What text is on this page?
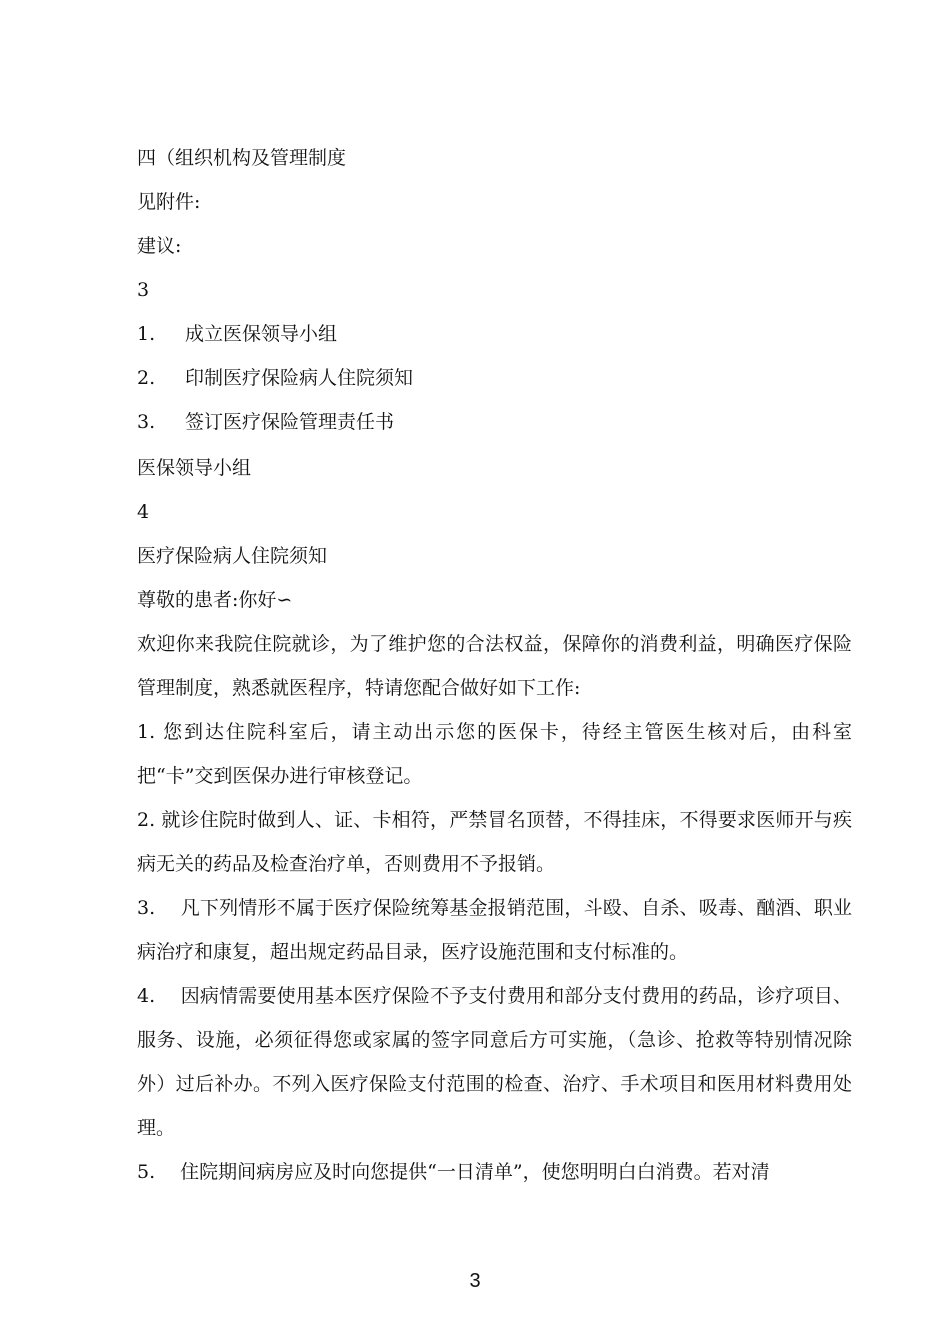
四（组织机构及管理制度
见附件:
建议:
3
1. 成立医保领导小组
2. 印制医疗保险病人住院须知
3. 签订医疗保险管理责任书
医保领导小组
4
医疗保险病人住院须知
尊敬的患者:你好∽
欢迎你来我院住院就诊，为了维护您的合法权益，保障你的消费利益，明确医疗保险管理制度，熟悉就医程序，特请您配合做好如下工作:
1. 您到达住院科室后，请主动出示您的医保卡，待经主管医生核对后，由科室把“卡”交到医保办进行审核登记。
2. 就诊住院时做到人、证、卡相符，严禁冒名顶替，不得挂床，不得要求医师开与疾病无关的药品及检查治疗单，否则费用不予报销。
3.　 凡下列情形不属于医疗保险统筹基金报销范围，斗殴、自杀、吸毒、酗酒、职业病治疗和康复，超出规定药品目录，医疗设施范围和支付标准的。
4.　 因病情需要使用基本医疗保险不予支付费用和部分支付费用的药品，诊疗项目、服务、设施，必须征得您或家属的签字同意后方可实施，（急诊、抢救等特别情况除外）过后补办。不列入医疗保险支付范围的检查、治疗、手术项目和医用材料费用处理。
5.　 住院期间病房应及时向您提供“一日清单”，使您明明白白消费。若对清
3
